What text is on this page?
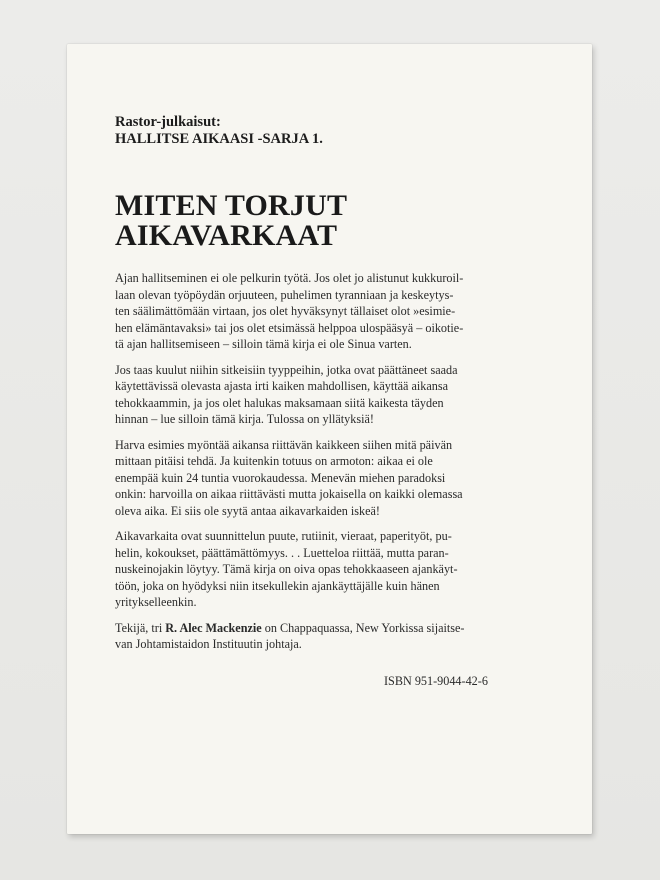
Rastor-julkaisut:
HALLITSE AIKAASI -SARJA 1.
MITEN TORJUT
AIKAVARKAAT

Ajan hallitseminen ei ole pelkurin työtä. Jos olet jo alistunut kukkuroil-
laan olevan työpöydän orjuuteen, puhelimen tyranniaan ja keskeytys-
ten säälimättömään virtaan, jos olet hyväksynyt tällaiset olot »esimie-
hen elämäntavaksi» tai jos olet etsimässä helppoa ulospääsyä – oikotie-
tä ajan hallitsemiseen – silloin tämä kirja ei ole Sinua varten.

Jos taas kuulut niihin sitkeisiin tyyppeihin, jotka ovat päättäneet saada
käytettävissä olevasta ajasta irti kaiken mahdollisen, käyttää aikansa
tehokkaammin, ja jos olet halukas maksamaan siitä kaikesta täyden
hinnan – lue silloin tämä kirja. Tulossa on yllätyksiä!

Harva esimies myöntää aikansa riittävän kaikkeen siihen mitä päivän
mittaan pitäisi tehdä. Ja kuitenkin totuus on armoton: aikaa ei ole
enempää kuin 24 tuntia vuorokaudessa. Menevän miehen paradoksi
onkin: harvoilla on aikaa riittävästi mutta jokaisella on kaikki olemassa
oleva aika. Ei siis ole syytä antaa aikavarkaiden iskeä!

Aikavarkaita ovat suunnittelun puute, rutiinit, vieraat, paperityöt, pu-
helin, kokoukset, päättämättömyys. . . Luetteloa riittää, mutta paran-
nuskeinojakin löytyy. Tämä kirja on oiva opas tehokkaaseen ajankäyt-
töön, joka on hyödyksi niin itsekullekin ajankäyttäjälle kuin hänen
yritykselleenkin.

Tekijä, tri R. Alec Mackenzie on Chappaquassa, New Yorkissa sijaitse-
van Johtamistaidon Instituutin johtaja.

ISBN 951-9044-42-6
